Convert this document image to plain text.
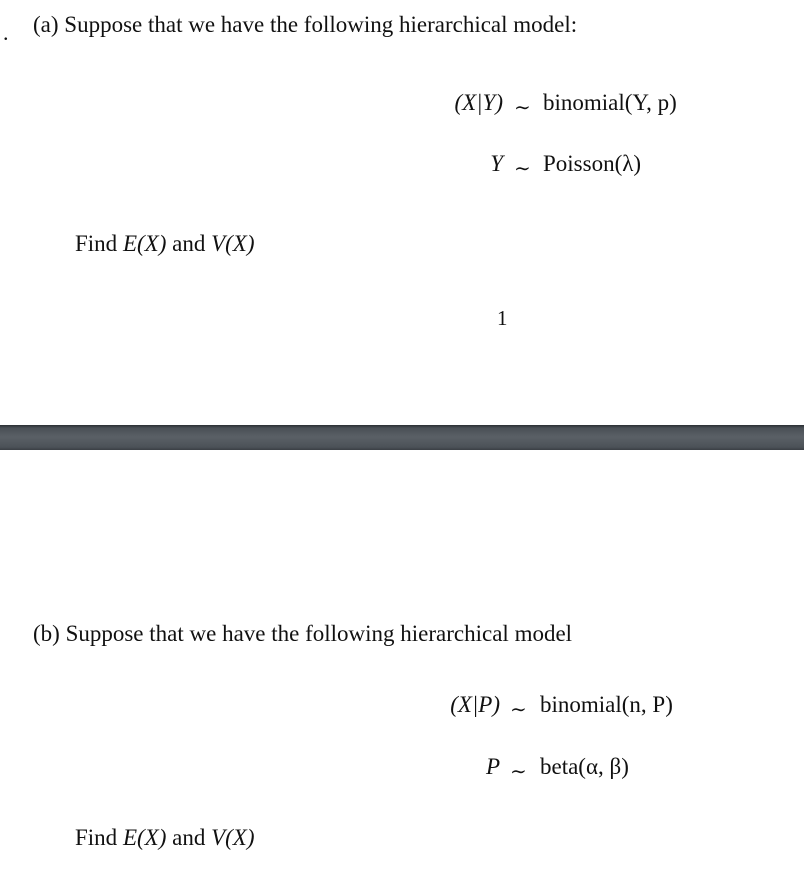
. (a) Suppose that we have the following hierarchical model:
(X|Y) ∼ binomial(Y, p)
Y ∼ Poisson(λ)
Find E(X) and V(X)
1
(b) Suppose that we have the following hierarchical model
(X|P) ∼ binomial(n, P)
P ∼ beta(α, β)
Find E(X) and V(X)
